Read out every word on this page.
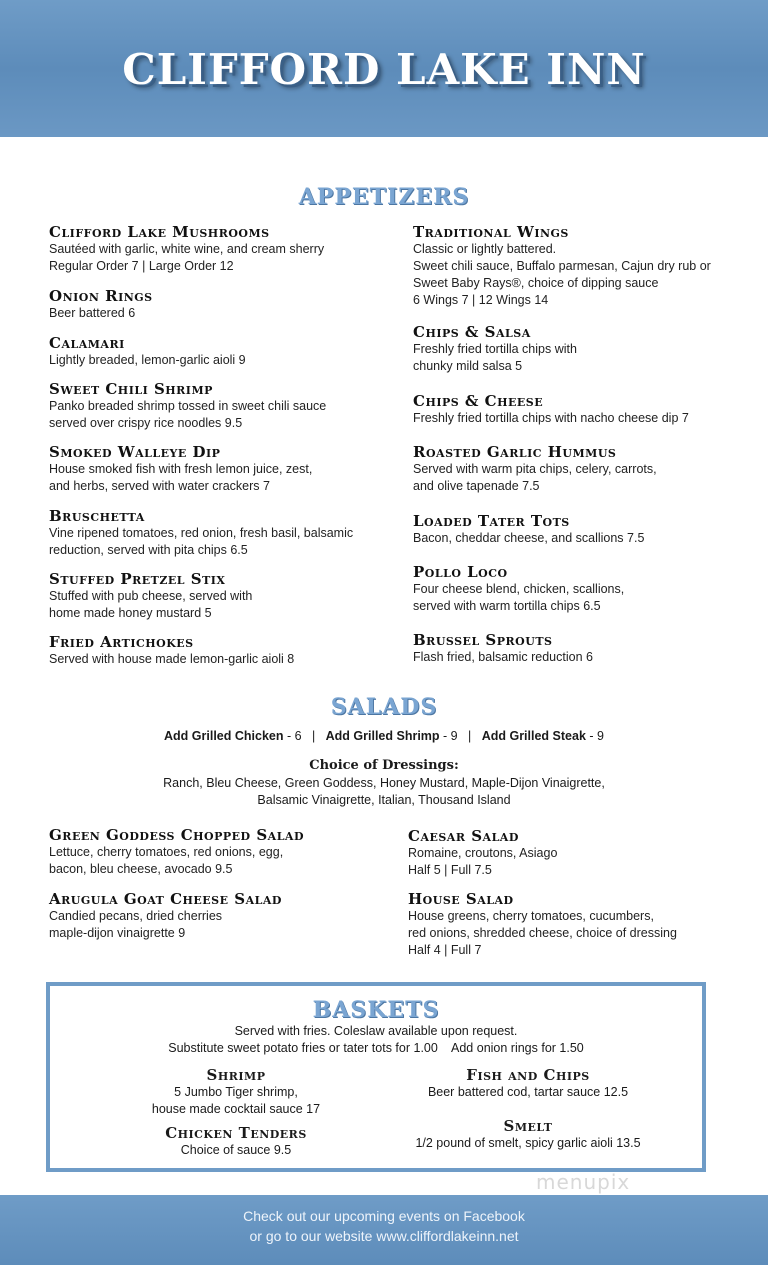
CLIFFORD LAKE INN
APPETIZERS
Clifford Lake Mushrooms
Sautéed with garlic, white wine, and cream sherry
Regular Order 7 | Large Order 12
Onion Rings
Beer battered 6
Calamari
Lightly breaded, lemon-garlic aioli 9
Sweet Chili Shrimp
Panko breaded shrimp tossed in sweet chili sauce
served over crispy rice noodles 9.5
Smoked Walleye Dip
House smoked fish with fresh lemon juice, zest,
and herbs, served with water crackers 7
Bruschetta
Vine ripened tomatoes, red onion, fresh basil, balsamic
reduction, served with pita chips 6.5
Stuffed Pretzel Stix
Stuffed with pub cheese, served with
home made honey mustard 5
Fried Artichokes
Served with house made lemon-garlic aioli 8
Traditional Wings
Classic or lightly battered.
Sweet chili sauce, Buffalo parmesan, Cajun dry rub or
Sweet Baby Rays®, choice of dipping sauce
6 Wings 7 | 12 Wings 14
Chips & Salsa
Freshly fried tortilla chips with
chunky mild salsa 5
Chips & Cheese
Freshly fried tortilla chips with nacho cheese dip 7
Roasted Garlic Hummus
Served with warm pita chips, celery, carrots,
and olive tapenade 7.5
Loaded Tater Tots
Bacon, cheddar cheese, and scallions 7.5
Pollo Loco
Four cheese blend, chicken, scallions,
served with warm tortilla chips 6.5
Brussel Sprouts
Flash fried, balsamic reduction 6
SALADS
Add Grilled Chicken - 6   |   Add Grilled Shrimp - 9   |   Add Grilled Steak - 9
Choice of Dressings:
Ranch, Bleu Cheese, Green Goddess, Honey Mustard, Maple-Dijon Vinaigrette,
Balsamic Vinaigrette, Italian, Thousand Island
Green Goddess Chopped Salad
Lettuce, cherry tomatoes, red onions, egg,
bacon, bleu cheese, avocado 9.5
Arugula Goat Cheese Salad
Candied pecans, dried cherries
maple-dijon vinaigrette 9
Caesar Salad
Romaine, croutons, Asiago
Half 5 | Full 7.5
House Salad
House greens, cherry tomatoes, cucumbers,
red onions, shredded cheese, choice of dressing
Half 4 | Full 7
BASKETS
Served with fries. Coleslaw available upon request.
Substitute sweet potato fries or tater tots for 1.00    Add onion rings for 1.50
Shrimp
5 Jumbo Tiger shrimp,
house made cocktail sauce 17
Chicken Tenders
Choice of sauce 9.5
Fish and Chips
Beer battered cod, tartar sauce 12.5
Smelt
1/2 pound of smelt, spicy garlic aioli 13.5
menupix
Check out our upcoming events on Facebook
or go to our website www.cliffordlakeinn.net
